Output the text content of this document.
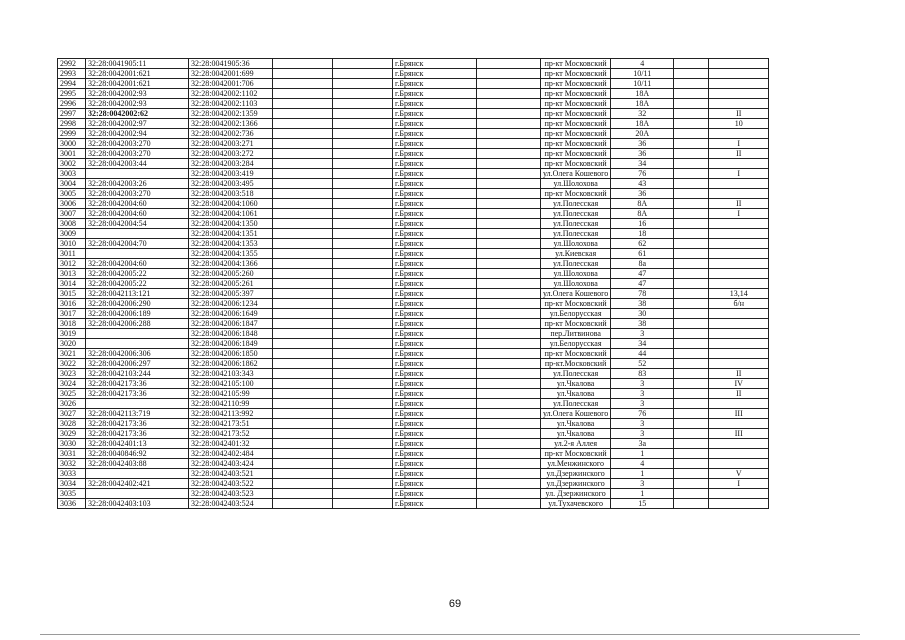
2992	32:28:0041905:11	32:28:0041905:36			г.Брянск		пр-кт Московский	4		
2993	32:28:0042001:621	32:28:0042001:699			г.Брянск		пр-кт Московский	10/11		
2994	32:28:0042001:621	32:28:0042001:706			г.Брянск		пр-кт Московский	10/11		
2995	32:28:0042002:93	32:28:0042002:1102			г.Брянск		пр-кт Московский	18А		
2996	32:28:0042002:93	32:28:0042002:1103			г.Брянск		пр-кт Московский	18А		
2997	32:28:0042002:62	32:28:0042002:1359			г.Брянск		пр-кт Московский	32		II
2998	32:28:0042002:97	32:28:0042002:1366			г.Брянск		пр-кт Московский	18А		10
2999	32:28:0042002:94	32:28:0042002:736			г.Брянск		пр-кт Московский	20А		
3000	32:28:0042003:270	32:28:0042003:271			г.Брянск		пр-кт Московский	36		I
3001	32:28:0042003:270	32:28:0042003:272			г.Брянск		пр-кт Московский	36		II
3002	32:28:0042003:44	32:28:0042003:284			г.Брянск		пр-кт Московский	34		
3003		32:28:0042003:419			г.Брянск		ул.Олега Кошевого	76		I
3004	32:28:0042003:26	32:28:0042003:495			г.Брянск		ул.Шолохова	43		
3005	32:28:0042003:270	32:28:0042003:518			г.Брянск		пр-кт Московский	36		
3006	32:28:0042004:60	32:28:0042004:1060			г.Брянск		ул.Полесская	8А		II
3007	32:28:0042004:60	32:28:0042004:1061			г.Брянск		ул.Полесская	8А		I
3008	32:28:0042004:54	32:28:0042004:1350			г.Брянск		ул.Полесская	16		
3009		32:28:0042004:1351			г.Брянск		ул.Полесская	18		
3010	32:28:0042004:70	32:28:0042004:1353			г.Брянск		ул.Шолохова	62		
3011		32:28:0042004:1355			г.Брянск		ул.Киевская	61		
3012	32:28:0042004:60	32:28:0042004:1366			г.Брянск		ул.Полесская	8а		
3013	32:28:0042005:22	32:28:0042005:260			г.Брянск		ул.Шолохова	47		
3014	32:28:0042005:22	32:28:0042005:261			г.Брянск		ул.Шолохова	47		
3015	32:28:0042113:121	32:28:0042005:397			г.Брянск		ул.Олега Кошевого	78		13,14
3016	32:28:0042006:290	32:28:0042006:1234			г.Брянск		пр-кт Московский	38		б/н
3017	32:28:0042006:189	32:28:0042006:1649			г.Брянск		ул.Белорусская	30		
3018	32:28:0042006:288	32:28:0042006:1847			г.Брянск		пр-кт Московский	38		
3019		32:28:0042006:1848			г.Брянск		пер.Литвинова	3		
3020		32:28:0042006:1849			г.Брянск		ул.Белорусская	34		
3021	32:28:0042006:306	32:28:0042006:1850			г.Брянск		пр-кт Московский	44		
3022	32:28:0042006:297	32:28:0042006:1862			г.Брянск		пр-кт.Московский	52		
3023	32:28:0042103:244	32:28:0042103:343			г.Брянск		ул.Полесская	83		II
3024	32:28:0042173:36	32:28:0042105:100			г.Брянск		ул.Чкалова	3		IV
3025	32:28:0042173:36	32:28:0042105:99			г.Брянск		ул.Чкалова	3		II
3026		32:28:0042110:99			г.Брянск		ул.Полесская	3		
3027	32:28:0042113:719	32:28:0042113:992			г.Брянск		ул.Олега Кошевого	76		III
3028	32:28:0042173:36	32:28:0042173:51			г.Брянск		ул.Чкалова	3		
3029	32:28:0042173:36	32:28:0042173:52			г.Брянск		ул.Чкалова	3		III
3030	32:28:0042401:13	32:28:0042401:32			г.Брянск		ул.2-я Аллея	3а		
3031	32:28:0040846:92	32:28:0042402:484			г.Брянск		пр-кт Московский	1		
3032	32:28:0042403:88	32:28:0042403:424			г.Брянск		ул.Менжинского	4		
3033		32:28:0042403:521			г.Брянск		ул.Дзержинского	1		V
3034	32:28:0042402:421	32:28:0042403:522			г.Брянск		ул.Дзержинского	3		I
3035		32:28:0042403:523			г.Брянск		ул. Дзержинского	1		
3036	32:28:0042403:103	32:28:0042403:524			г.Брянск		ул.Тухачевского	15		
69
